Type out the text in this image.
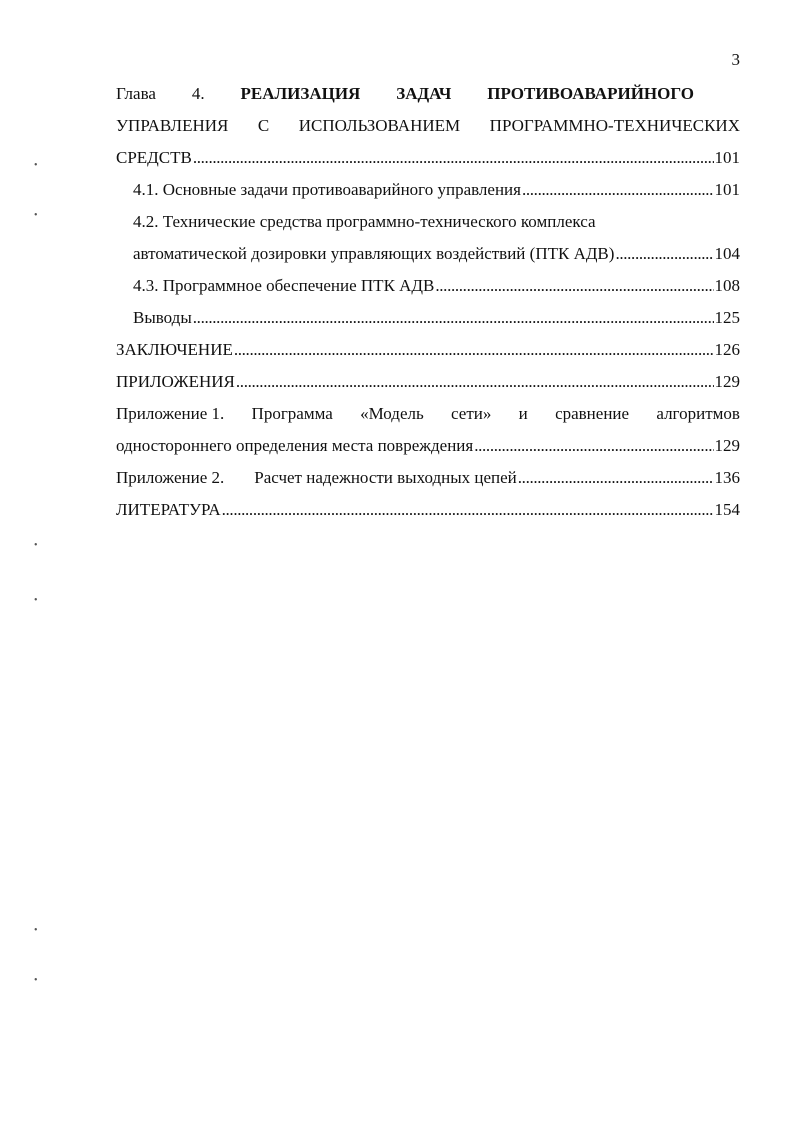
3
Глава 4. РЕАЛИЗАЦИЯ ЗАДАЧ ПРОТИВОАВАРИЙНОГО
УПРАВЛЕНИЯ С ИСПОЛЬЗОВАНИЕМ ПРОГРАММНО-ТЕХНИЧЕСКИХ
СРЕДСТВ . . .	101
4.1. Основные задачи противоаварийного управления . . .	101
4.2. Технические средства программно-технического комплекса
автоматической дозировки управляющих воздействий (ПТК АДВ) . . .	104
4.3. Программное обеспечение ПТК АДВ . . .	108
Выводы . . .	125
ЗАКЛЮЧЕНИЕ . . .	126
ПРИЛОЖЕНИЯ . . .	129
Приложение 1. Программа «Модель сети» и сравнение алгоритмов
одностороннего определения места повреждения . . .	129
Приложение 2. Расчет надежности выходных цепей . . .	136
ЛИТЕРАТУРА . . .	154
•
•
•
•
•
•
